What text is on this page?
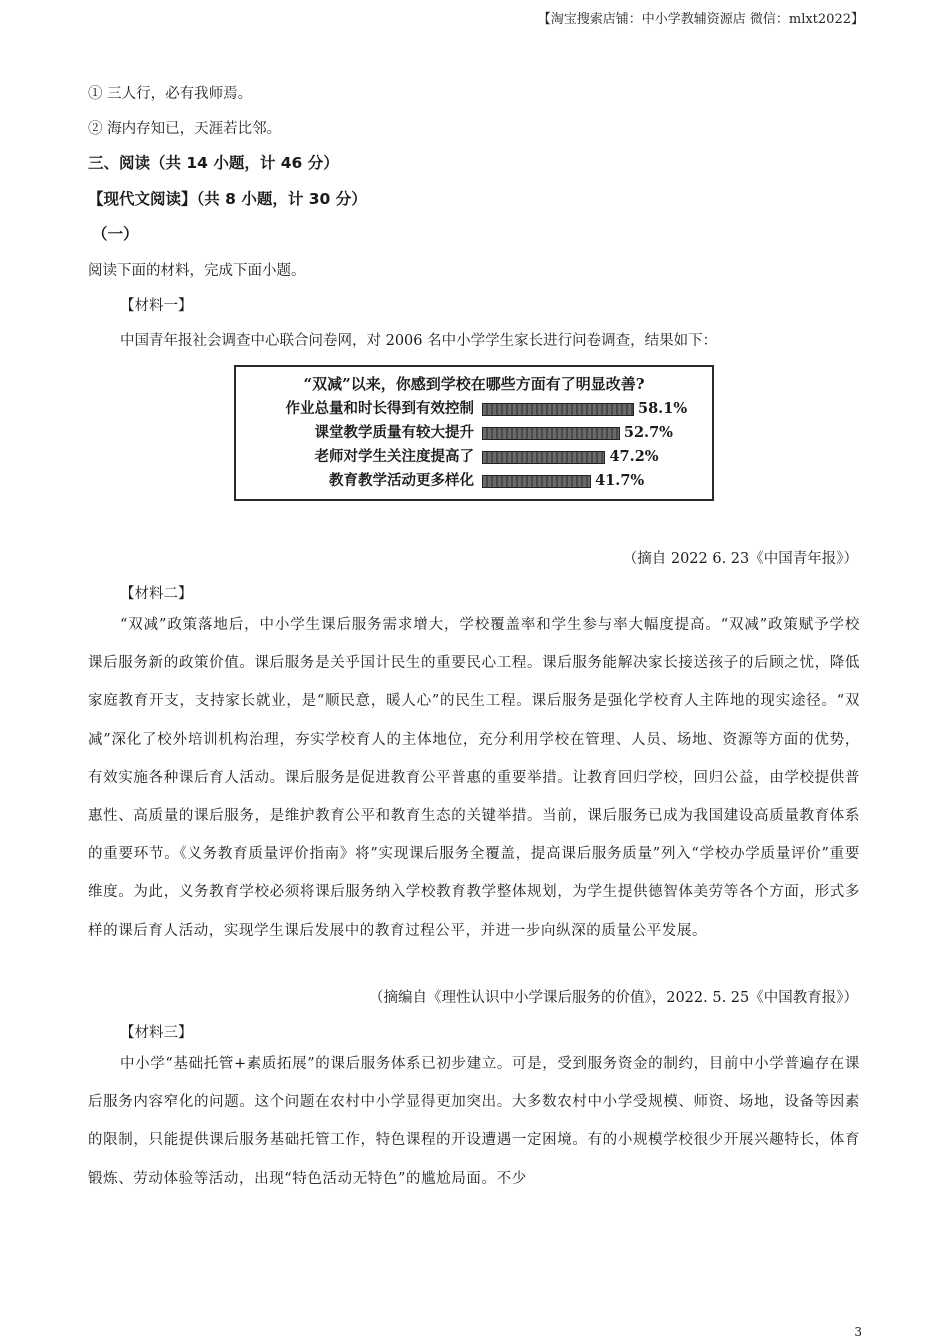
【淘宝搜索店铺：中小学教辅资源店 微信：mlxt2022】
① 三人行，必有我师焉。
② 海内存知已，天涯若比邻。
三、阅读（共 14 小题，计 46 分）
【现代文阅读】（共 8 小题，计 30 分）
（一）
阅读下面的材料，完成下面小题。
【材料一】
中国青年报社会调查中心联合问卷网，对 2006 名中小学学生家长进行问卷调查，结果如下：
“双减”以来，你感到学校在哪些方面有了明显改善?
作业总量和时长得到有效控制	58.1%
课堂教学质量有较大提升	52.7%
老师对学生关注度提高了	47.2%
教育教学活动更多样化	41.7%
（摘自 2022 6. 23《中国青年报》）
【材料二】

“双减”政策落地后，中小学生课后服务需求增大，学校覆盖率和学生参与率大幅度提高。“双减”政策赋予学校课后服务新的政策价值。课后服务是关乎国计民生的重要民心工程。课后服务能解决家长接送孩子的后顾之忧，降低家庭教育开支，支持家长就业，是“顺民意，暖人心”的民生工程。课后服务是强化学校育人主阵地的现实途径。“双减”深化了校外培训机构治理，夯实学校育人的主体地位，充分利用学校在管理、人员、场地、资源等方面的优势，有效实施各种课后育人活动。课后服务是促进教育公平普惠的重要举措。让教育回归学校，回归公益，由学校提供普惠性、高质量的课后服务，是维护教育公平和教育生态的关键举措。当前，课后服务已成为我国建设高质量教育体系的重要环节。《义务教育质量评价指南》将”实现课后服务全覆盖，提高课后服务质量”列入“学校办学质量评价”重要维度。为此，义务教育学校必须将课后服务纳入学校教育教学整体规划，为学生提供德智体美劳等各个方面，形式多样的课后育人活动，实现学生课后发展中的教育过程公平，并进一步向纵深的质量公平发展。

（摘编自《理性认识中小学课后服务的价值》，2022. 5. 25《中国教育报》）
【材料三】

中小学“基础托管+素质拓展”的课后服务体系已初步建立。可是，受到服务资金的制约，目前中小学普遍存在课后服务内容窄化的问题。这个问题在农村中小学显得更加突出。大多数农村中小学受规模、师资、场地，设备等因素的限制，只能提供课后服务基础托管工作，特色课程的开设遭遇一定困境。有的小规模学校很少开展兴趣特长，体育锻炼、劳动体验等活动，出现“特色活动无特色”的尴尬局面。不少

3
